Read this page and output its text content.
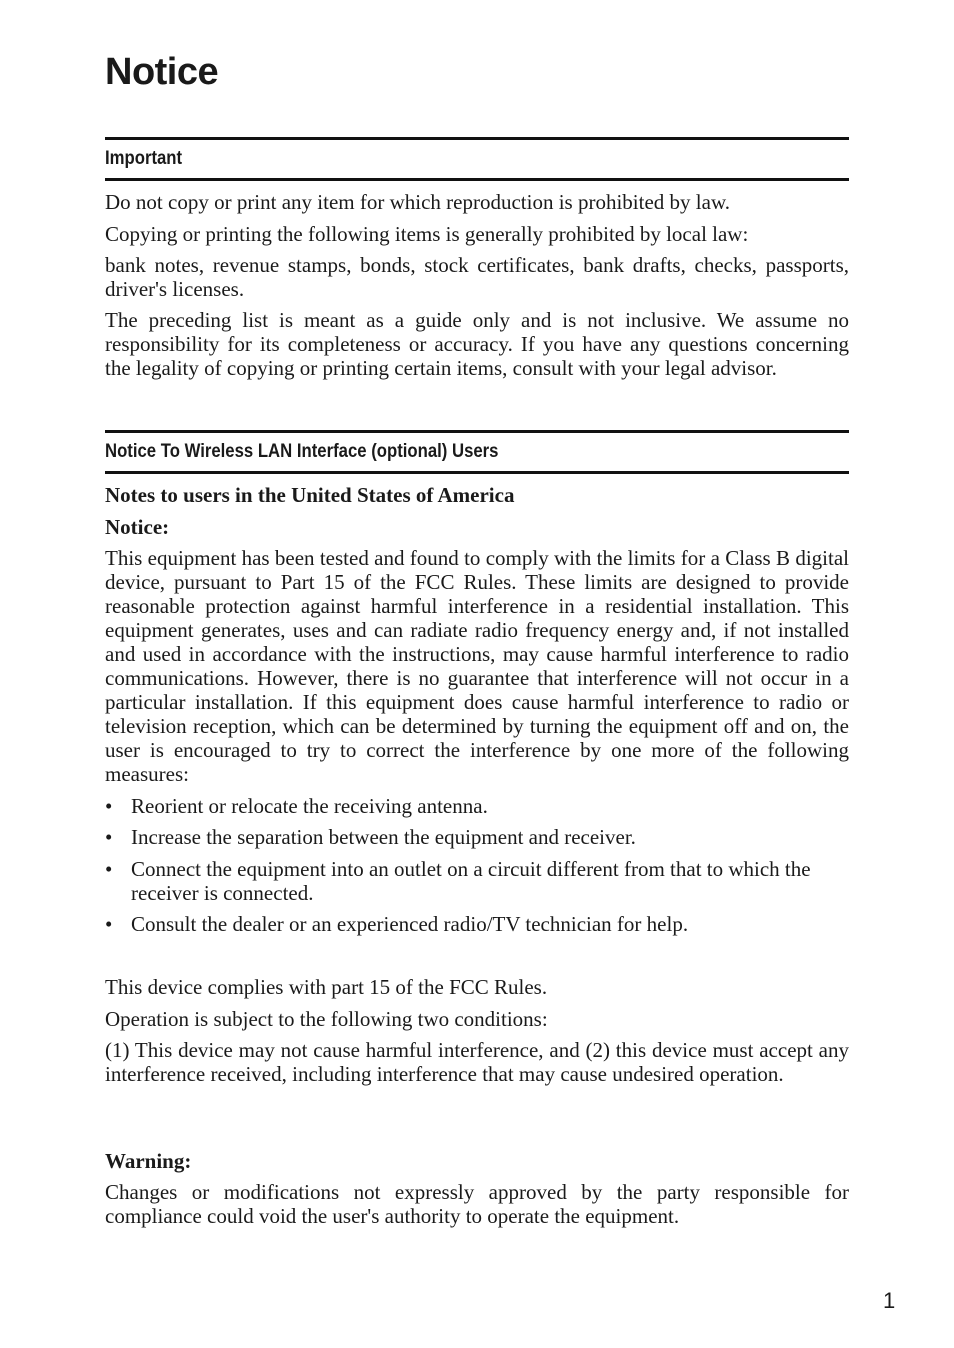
Notice
Important

Do not copy or print any item for which reproduction is prohibited by law.

Copying or printing the following items is generally prohibited by local law:

bank notes, revenue stamps, bonds, stock certificates, bank drafts, checks, passports, driver's licenses.

The preceding list is meant as a guide only and is not inclusive. We assume no responsibility for its completeness or accuracy. If you have any questions concerning the legality of copying or printing certain items, consult with your legal advisor.

Notice To Wireless LAN Interface (optional) Users

Notes to users in the United States of America

Notice:

This equipment has been tested and found to comply with the limits for a Class B digital device, pursuant to Part 15 of the FCC Rules. These limits are designed to provide reasonable protection against harmful interference in a residential installation. This equipment generates, uses and can radiate radio frequency energy and, if not installed and used in accordance with the instructions, may cause harmful interference to radio communications. However, there is no guarantee that interference will not occur in a particular installation. If this equipment does cause harmful interference to radio or television reception, which can be determined by turning the equipment off and on, the user is encouraged to try to correct the interference by one more of the following measures:

• Reorient or relocate the receiving antenna.
• Increase the separation between the equipment and receiver.
• Connect the equipment into an outlet on a circuit different from that to which the receiver is connected.
• Consult the dealer or an experienced radio/TV technician for help.

This device complies with part 15 of the FCC Rules.

Operation is subject to the following two conditions:

(1) This device may not cause harmful interference, and (2) this device must accept any interference received, including interference that may cause undesired operation.

Warning:

Changes or modifications not expressly approved by the party responsible for compliance could void the user's authority to operate the equipment.

1
